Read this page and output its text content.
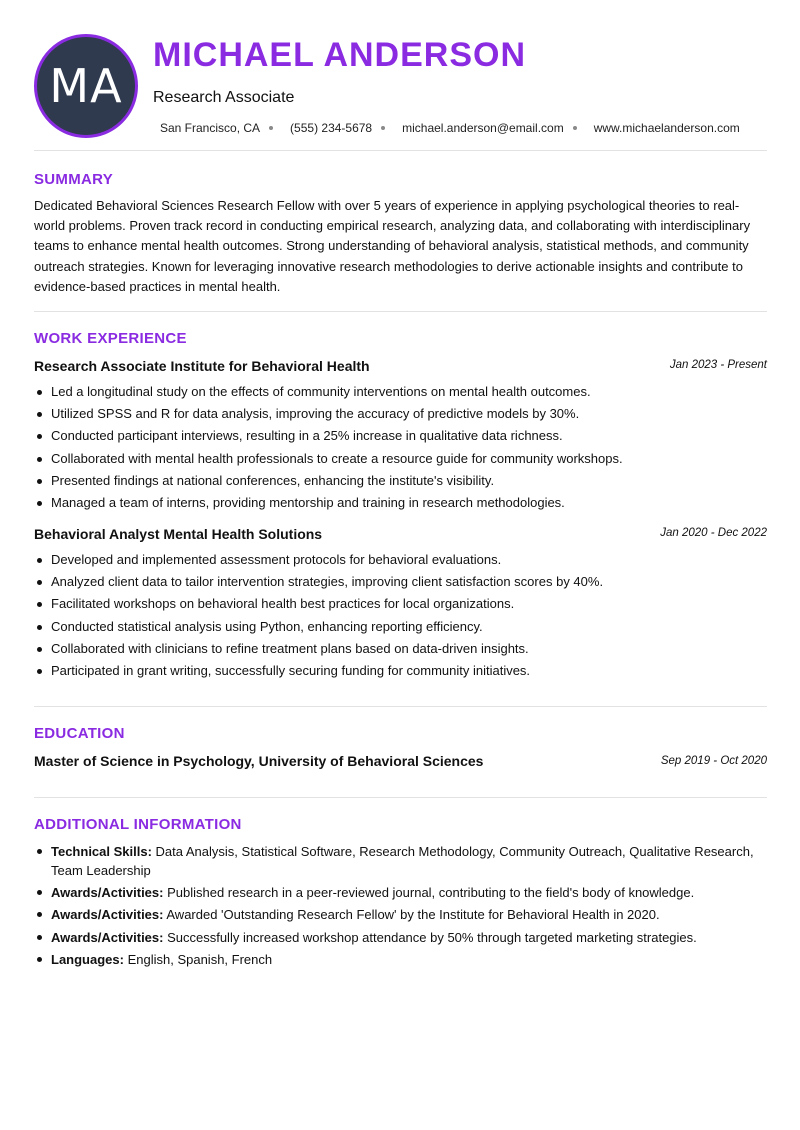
MA
MICHAEL ANDERSON
Research Associate
San Francisco, CA	(555) 234-5678	michael.anderson@email.com	www.michaelanderson.com
SUMMARY
Dedicated Behavioral Sciences Research Fellow with over 5 years of experience in applying psychological theories to real-world problems. Proven track record in conducting empirical research, analyzing data, and collaborating with interdisciplinary teams to enhance mental health outcomes. Strong understanding of behavioral analysis, statistical methods, and community outreach strategies. Known for leveraging innovative research methodologies to derive actionable insights and contribute to evidence-based practices in mental health.
WORK EXPERIENCE
Research Associate Institute for Behavioral Health	Jan 2023 - Present
Led a longitudinal study on the effects of community interventions on mental health outcomes.
Utilized SPSS and R for data analysis, improving the accuracy of predictive models by 30%.
Conducted participant interviews, resulting in a 25% increase in qualitative data richness.
Collaborated with mental health professionals to create a resource guide for community workshops.
Presented findings at national conferences, enhancing the institute's visibility.
Managed a team of interns, providing mentorship and training in research methodologies.
Behavioral Analyst Mental Health Solutions	Jan 2020 - Dec 2022
Developed and implemented assessment protocols for behavioral evaluations.
Analyzed client data to tailor intervention strategies, improving client satisfaction scores by 40%.
Facilitated workshops on behavioral health best practices for local organizations.
Conducted statistical analysis using Python, enhancing reporting efficiency.
Collaborated with clinicians to refine treatment plans based on data-driven insights.
Participated in grant writing, successfully securing funding for community initiatives.
EDUCATION
Master of Science in Psychology, University of Behavioral Sciences	Sep 2019 - Oct 2020
ADDITIONAL INFORMATION
Technical Skills: Data Analysis, Statistical Software, Research Methodology, Community Outreach, Qualitative Research, Team Leadership
Awards/Activities: Published research in a peer-reviewed journal, contributing to the field's body of knowledge.
Awards/Activities: Awarded 'Outstanding Research Fellow' by the Institute for Behavioral Health in 2020.
Awards/Activities: Successfully increased workshop attendance by 50% through targeted marketing strategies.
Languages: English, Spanish, French
